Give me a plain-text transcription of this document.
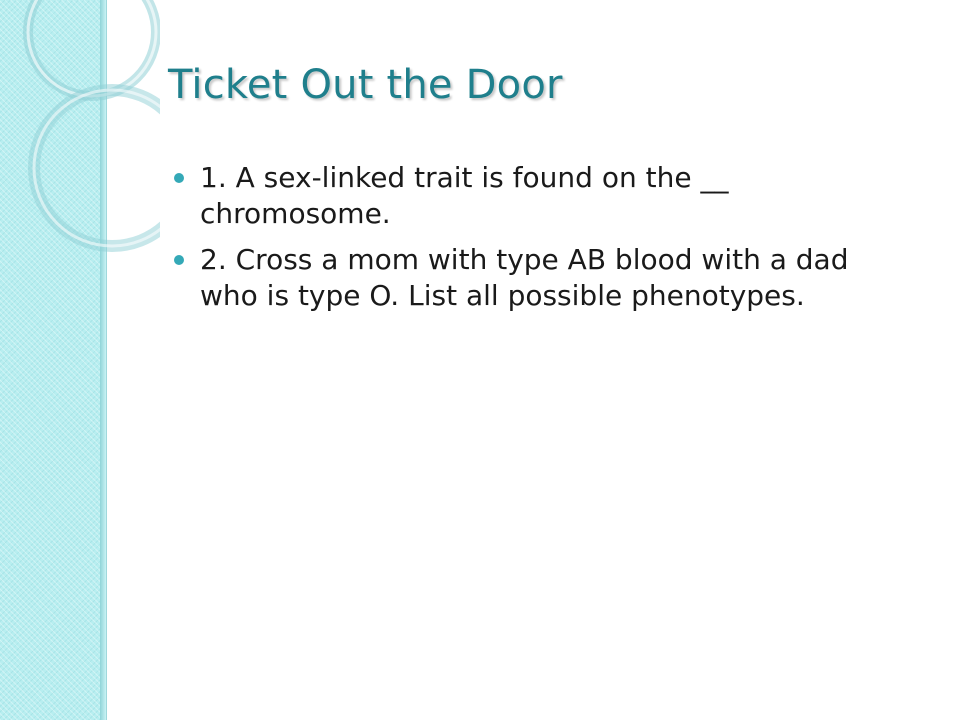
Ticket Out the Door
1. A sex-linked trait is found on the __ chromosome.
2. Cross a mom with type AB blood with a dad who is type O. List all possible phenotypes.
